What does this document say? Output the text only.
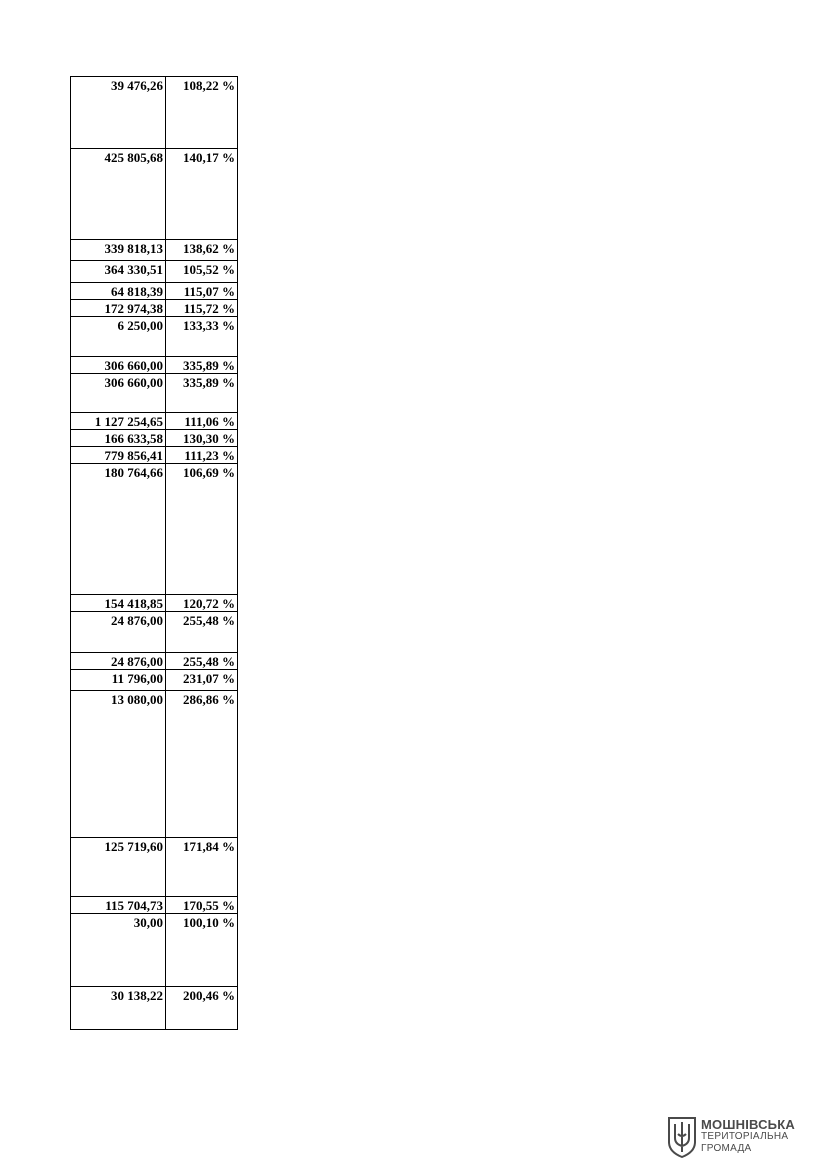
39 476,26	108,22 %
425 805,68	140,17 %
339 818,13	138,62 %
364 330,51	105,52 %
64 818,39	115,07 %
172 974,38	115,72 %
6 250,00	133,33 %
306 660,00	335,89 %
306 660,00	335,89 %
1 127 254,65	111,06 %
166 633,58	130,30 %
779 856,41	111,23 %
180 764,66	106,69 %
154 418,85	120,72 %
24 876,00	255,48 %
24 876,00	255,48 %
11 796,00	231,07 %
13 080,00	286,86 %
125 719,60	171,84 %
115 704,73	170,55 %
30,00	100,10 %
30 138,22	200,46 %
МОШНІВСЬКА
ТЕРИТОРІАЛЬНА
ГРОМАДА
